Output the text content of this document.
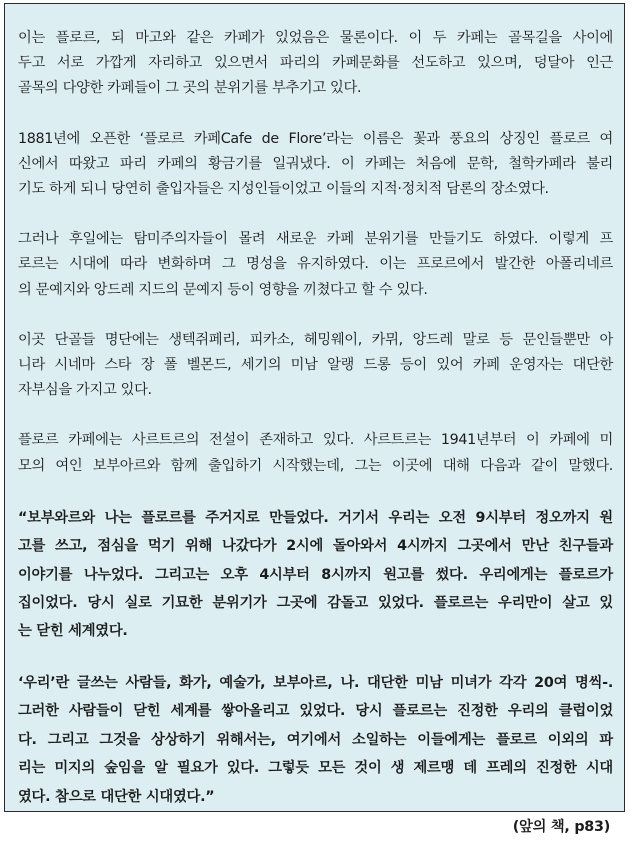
이는 플로르, 되 마고와 같은 카페가 있었음은 물론이다. 이 두 카페는 골목길을 사이에
두고 서로 가깝게 자리하고 있으면서 파리의 카페문화를 선도하고 있으며, 덩달아 인근
골목의 다양한 카페들이 그 곳의 분위기를 부추기고 있다.
1881년에 오픈한 ‘플로르 카페Cafe de Flore’라는 이름은 꽃과 풍요의 상징인 플로르 여
신에서 따왔고 파리 카페의 황금기를 일궈냈다. 이 카페는 처음에 문학, 철학카페라 불리
기도 하게 되니 당연히 출입자들은 지성인들이었고 이들의 지적·정치적 담론의 장소였다.
그러나 후일에는 탐미주의자들이 몰려 새로운 카페 분위기를 만들기도 하였다. 이렇게 프
로르는 시대에 따라 변화하며 그 명성을 유지하였다. 이는 프로르에서 발간한 아폴리네르
의 문예지와 앙드레 지드의 문예지 등이 영향을 끼쳤다고 할 수 있다.
이곳 단골들 명단에는 생텍쥐페리, 피카소, 헤밍웨이, 카뮈, 앙드레 말로 등 문인들뿐만 아
니라 시네마 스타 장 폴 벨몬드, 세기의 미남 알랭 드롱 등이 있어 카페 운영자는 대단한
자부심을 가지고 있다.
플로르 카페에는 사르트르의 전설이 존재하고 있다. 사르트르는 1941년부터 이 카페에 미
모의 여인 보부아르와 함께 출입하기 시작했는데, 그는 이곳에 대해 다음과 같이 말했다.
“보부와르와 나는 플로르를 주거지로 만들었다. 거기서 우리는 오전 9시부터 정오까지 원
고를 쓰고, 점심을 먹기 위해 나갔다가 2시에 돌아와서 4시까지 그곳에서 만난 친구들과
이야기를 나누었다. 그리고는 오후 4시부터 8시까지 원고를 썼다. 우리에게는 플로르가
집이었다. 당시 실로 기묘한 분위기가 그곳에 감돌고 있었다. 플로르는 우리만이 살고 있
는 닫힌 세계였다.
‘우리’란 글쓰는 사람들, 화가, 예술가, 보부아르, 나. 대단한 미남 미녀가 각각 20여 명씩-.
그러한 사람들이 닫힌 세계를 쌓아올리고 있었다. 당시 플로르는 진정한 우리의 클럽이었
다. 그리고 그것을 상상하기 위해서는, 여기에서 소일하는 이들에게는 플로르 이외의 파
리는 미지의 숲임을 알 필요가 있다. 그렇듯 모든 것이 생 제르맹 데 프레의 진정한 시대
였다. 참으로 대단한 시대였다.”
(앞의 책, p83)
